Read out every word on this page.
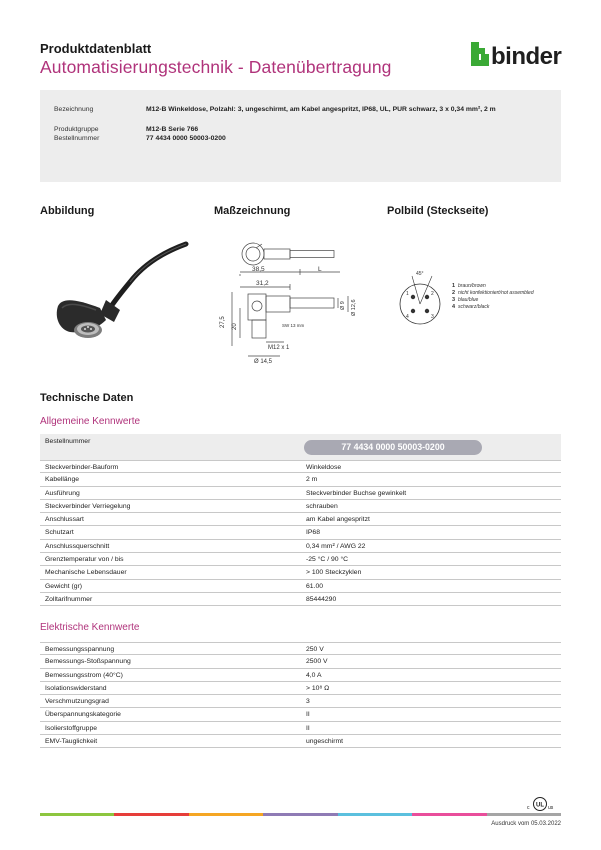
Produktdatenblatt
Automatisierungstechnik - Datenübertragung	binder
Bezeichnung	M12-B Winkeldose, Polzahl: 3, ungeschirmt, am Kabel angespritzt, IP68, UL, PUR schwarz, 3 x 0,34 mm², 2 m
Produktgruppe	M12-B Serie 766
Bestellnummer	77 4434 0000 50003-0200
Abbildung	Maßzeichnung	Polbild (Steckseite)
38,5	L
31,2
27,5 20
Ø 9 Ø 12,6
SW 13 mm
M12 x 1
Ø 14,5
45°
1	2
3
4
1 braun/brown
2 nicht konfektioniert/not assembled
3 blau/blue
4 schwarz/black
Technische Daten
Allgemeine Kennwerte
Bestellnummer
77 4434 0000 50003-0200
Steckverbinder-Bauform	Winkeldose
Kabellänge	2 m
Ausführung	Steckverbinder Buchse gewinkelt
Steckverbinder Verriegelung	schrauben
Anschlussart	am Kabel angespritzt
Schutzart	IP68
Anschlussquerschnitt	0,34 mm² / AWG 22
Grenztemperatur von / bis	-25 °C / 90 °C
Mechanische Lebensdauer	> 100 Steckzyklen
Gewicht (gr)	61.00
Zolltarifnummer	85444290
Elektrische Kennwerte
Bemessungsspannung	250 V
Bemessungs-Stoßspannung	2500 V
Bemessungsstrom (40°C)	4,0 A
Isolationswiderstand	> 10⁸ Ω
Verschmutzungsgrad	3
Überspannungskategorie	II
Isolierstoffgruppe	II
EMV-Tauglichkeit	ungeschirmt
UL
c	us
Ausdruck vom 05.03.2022
